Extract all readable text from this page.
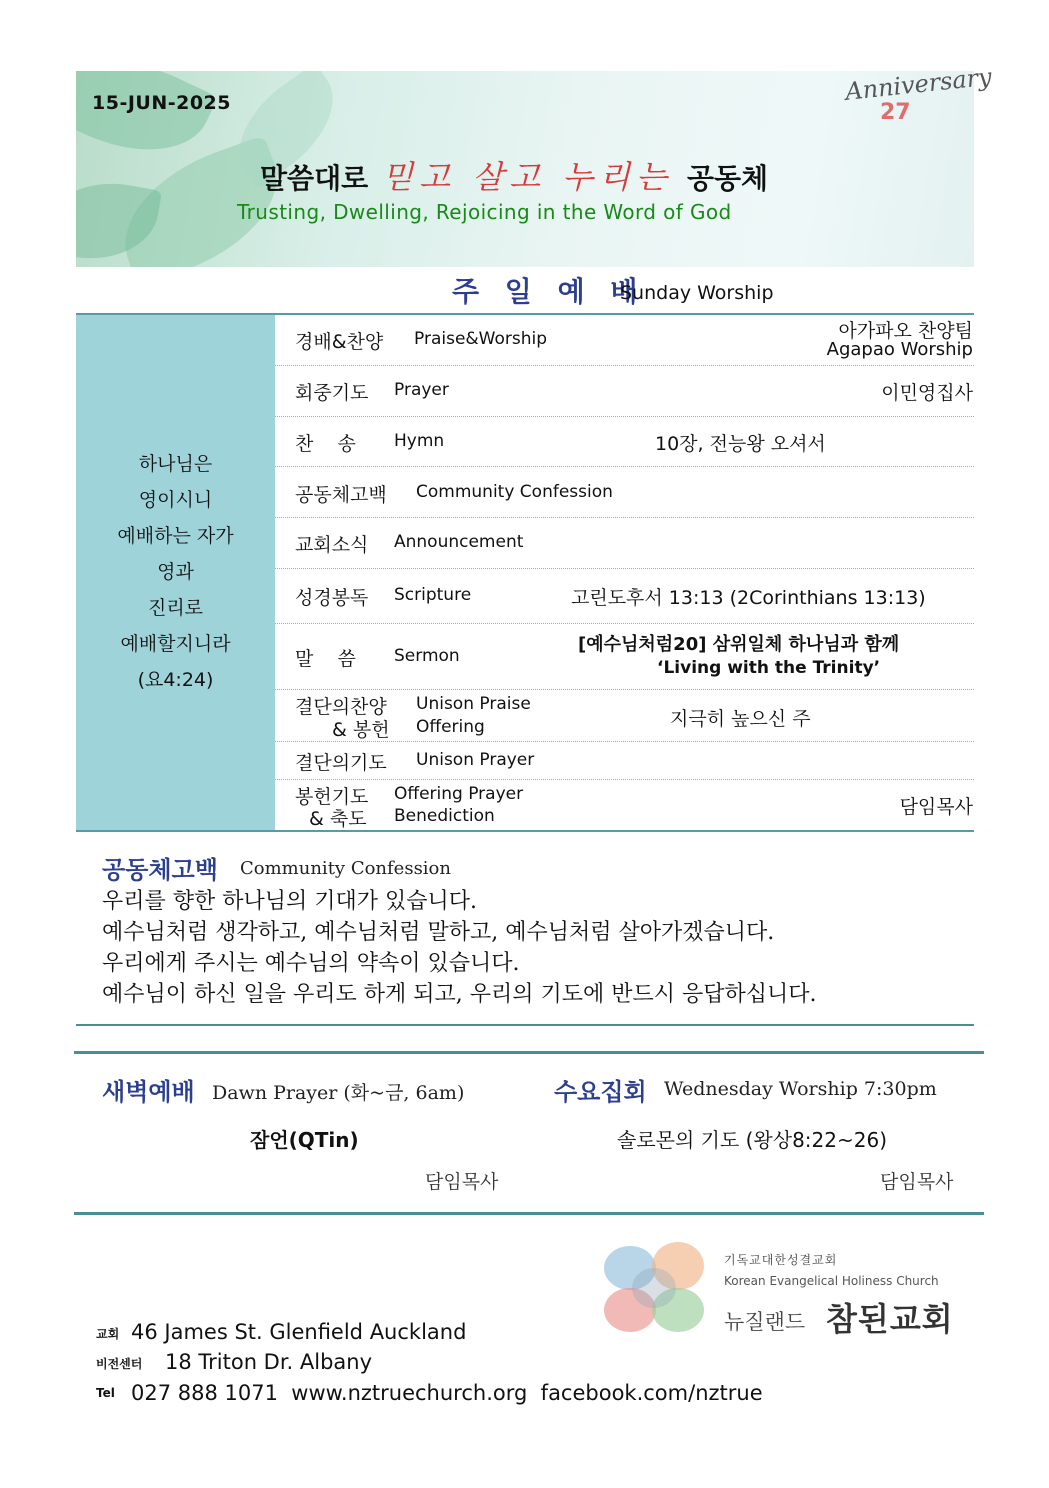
15-JUN-2025	Anniversary
27
말씀대로 믿고 살고 누리는 공동체
Trusting, Dwelling, Rejoicing in the Word of God
주 일 예 배
Sunday Worship
하나님은
영이시니
예배하는 자가
영과
진리로
예배할지니라
(요4:24)
경배&찬양 Praise&Worship	아가파오 찬양팀
Agapao Worship
회중기도 Prayer	이민영집사
찬    송 Hymn	10장, 전능왕 오셔서
공동체고백 Community Confession
교회소식 Announcement
성경봉독 Scripture	고린도후서 13:13 (2Corinthians 13:13)
말    씀 Sermon
[예수님처럼20] 삼위일체 하나님과 함께
‘Living with the Trinity’
결단의찬양 Unison Praise
& 봉헌 Offering	지극히 높으신 주
결단의기도 Unison Prayer
봉헌기도 Offering Prayer
& 축도 Benediction	담임목사
공동체고백 Community Confession
우리를 향한 하나님의 기대가 있습니다.
예수님처럼 생각하고, 예수님처럼 말하고, 예수님처럼 살아가겠습니다.
우리에게 주시는 예수님의 약속이 있습니다.
예수님이 하신 일을 우리도 하게 되고, 우리의 기도에 반드시 응답하십니다.
새벽예배 Dawn Prayer (화~금, 6am)
잠언(QTin)
담임목사
수요집회 Wednesday Worship 7:30pm
솔로몬의 기도 (왕상8:22~26)
담임목사
기독교대한성결교회
Korean Evangelical Holiness Church
뉴질랜드 참된교회
교회 46 James St. Glenfield Auckland
비전센터 18 Triton Dr. Albany
Tel 027 888 1071  www.nztruechurch.org  facebook.com/nztrue
